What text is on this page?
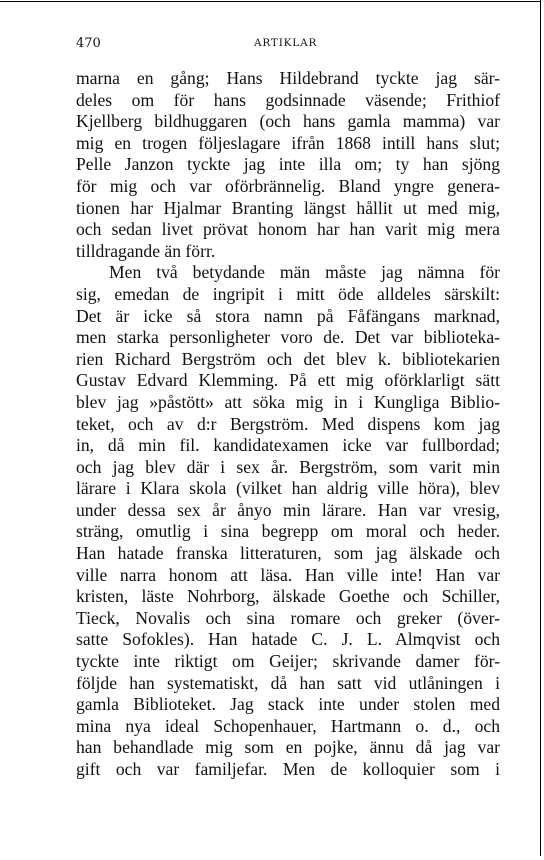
470	ARTIKLAR
marna en gång; Hans Hildebrand tyckte jag sär-
deles om för hans godsinnade väsende; Frithiof
Kjellberg bildhuggaren (och hans gamla mamma) var
mig en trogen följeslagare ifrån 1868 intill hans slut;
Pelle Janzon tyckte jag inte illa om; ty han sjöng
för mig och var oförbrännelig. Bland yngre genera-
tionen har Hjalmar Branting längst hållit ut med mig,
och sedan livet prövat honom har han varit mig mera
tilldragande än förr.
Men två betydande män måste jag nämna för
sig, emedan de ingripit i mitt öde alldeles särskilt:
Det är icke så stora namn på Fåfängans marknad,
men starka personligheter voro de. Det var biblioteka-
rien Richard Bergström och det blev k. bibliotekarien
Gustav Edvard Klemming. På ett mig oförklarligt sätt
blev jag »påstött» att söka mig in i Kungliga Biblio-
teket, och av d:r Bergström. Med dispens kom jag
in, då min fil. kandidatexamen icke var fullbordad;
och jag blev där i sex år. Bergström, som varit min
lärare i Klara skola (vilket han aldrig ville höra), blev
under dessa sex år ånyo min lärare. Han var vresig,
sträng, omutlig i sina begrepp om moral och heder.
Han hatade franska litteraturen, som jag älskade och
ville narra honom att läsa. Han ville inte! Han var
kristen, läste Nohrborg, älskade Goethe och Schiller,
Tieck, Novalis och sina romare och greker (över-
satte Sofokles). Han hatade C. J. L. Almqvist och
tyckte inte riktigt om Geijer; skrivande damer för-
följde han systematiskt, då han satt vid utlåningen i
gamla Biblioteket. Jag stack inte under stolen med
mina nya ideal Schopenhauer, Hartmann o. d., och
han behandlade mig som en pojke, ännu då jag var
gift och var familjefar. Men de kolloquier som i
